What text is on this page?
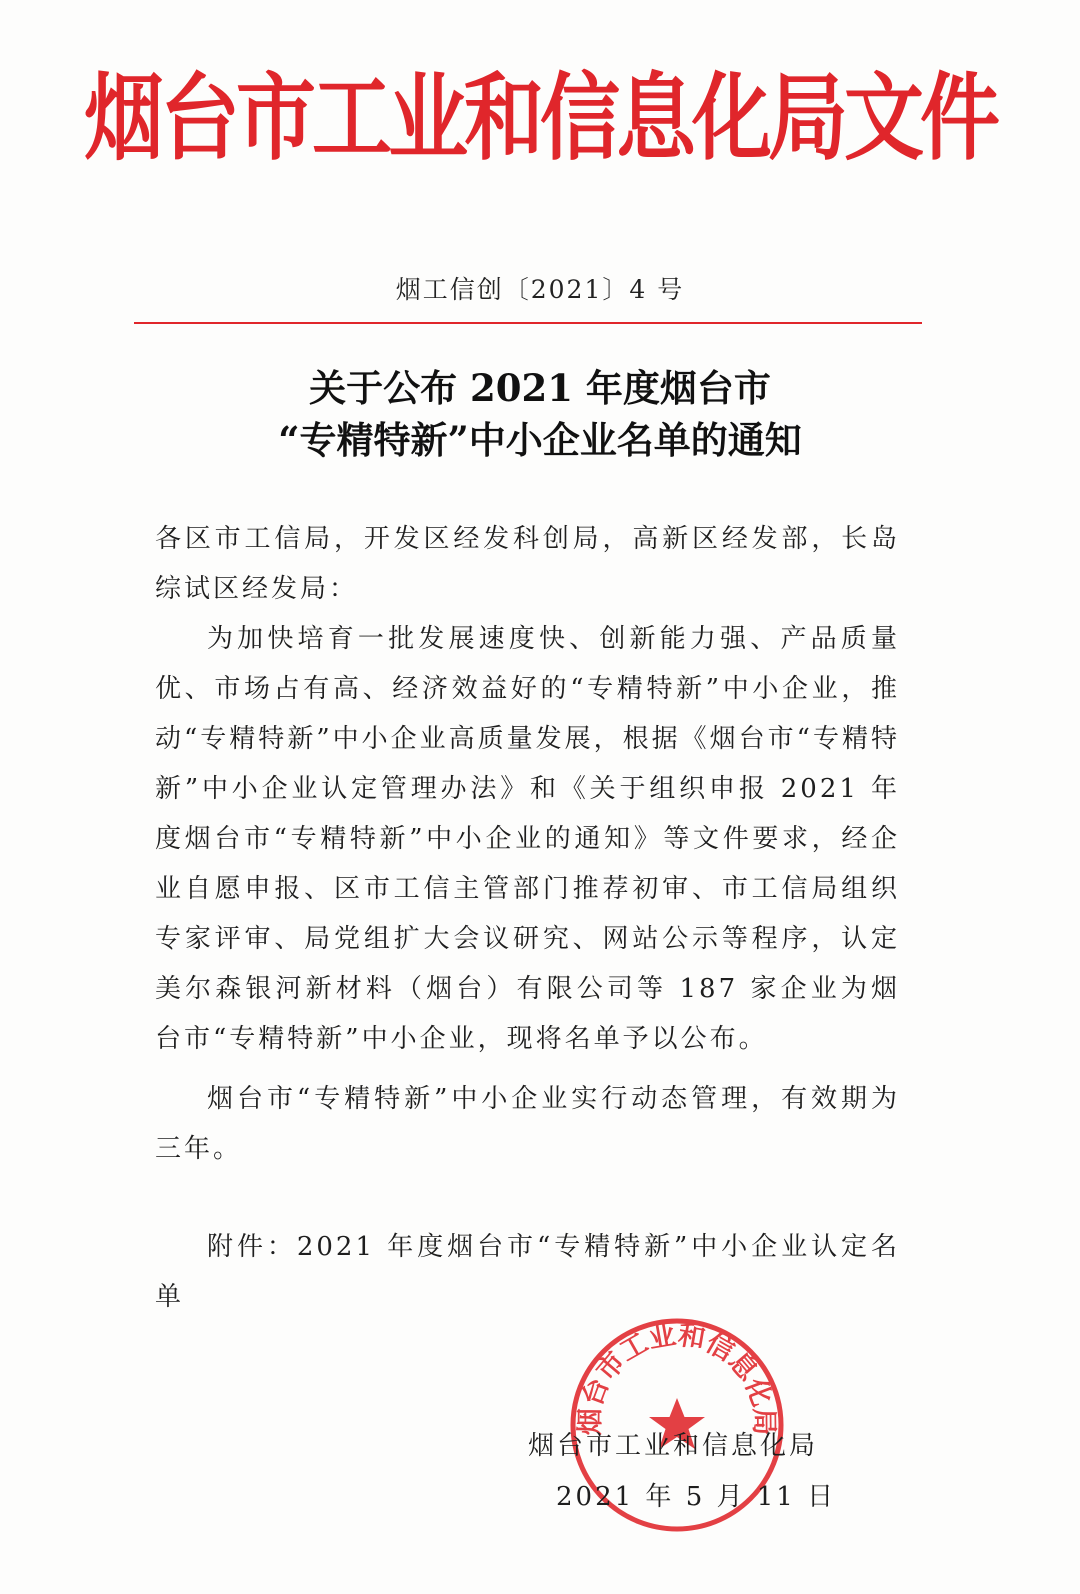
烟台市工业和信息化局文件
烟工信创〔2021〕4 号
关于公布 2021 年度烟台市
“专精特新”中小企业名单的通知

各区市工信局，开发区经发科创局，高新区经发部，长岛综试区经发局：

为加快培育一批发展速度快、创新能力强、产品质量优、市场占有高、经济效益好的“专精特新”中小企业，推动“专精特新”中小企业高质量发展，根据《烟台市“专精特新”中小企业认定管理办法》和《关于组织申报 2021 年度烟台市“专精特新”中小企业的通知》等文件要求，经企业自愿申报、区市工信主管部门推荐初审、市工信局组织专家评审、局党组扩大会议研究、网站公示等程序，认定美尔森银河新材料（烟台）有限公司等 187 家企业为烟台市“专精特新”中小企业，现将名单予以公布。

烟台市“专精特新”中小企业实行动态管理，有效期为三年。

附件：2021 年度烟台市“专精特新”中小企业认定名单

烟台市工业和信息化局
烟台市工业和信息化局
2021 年 5 月 11 日
